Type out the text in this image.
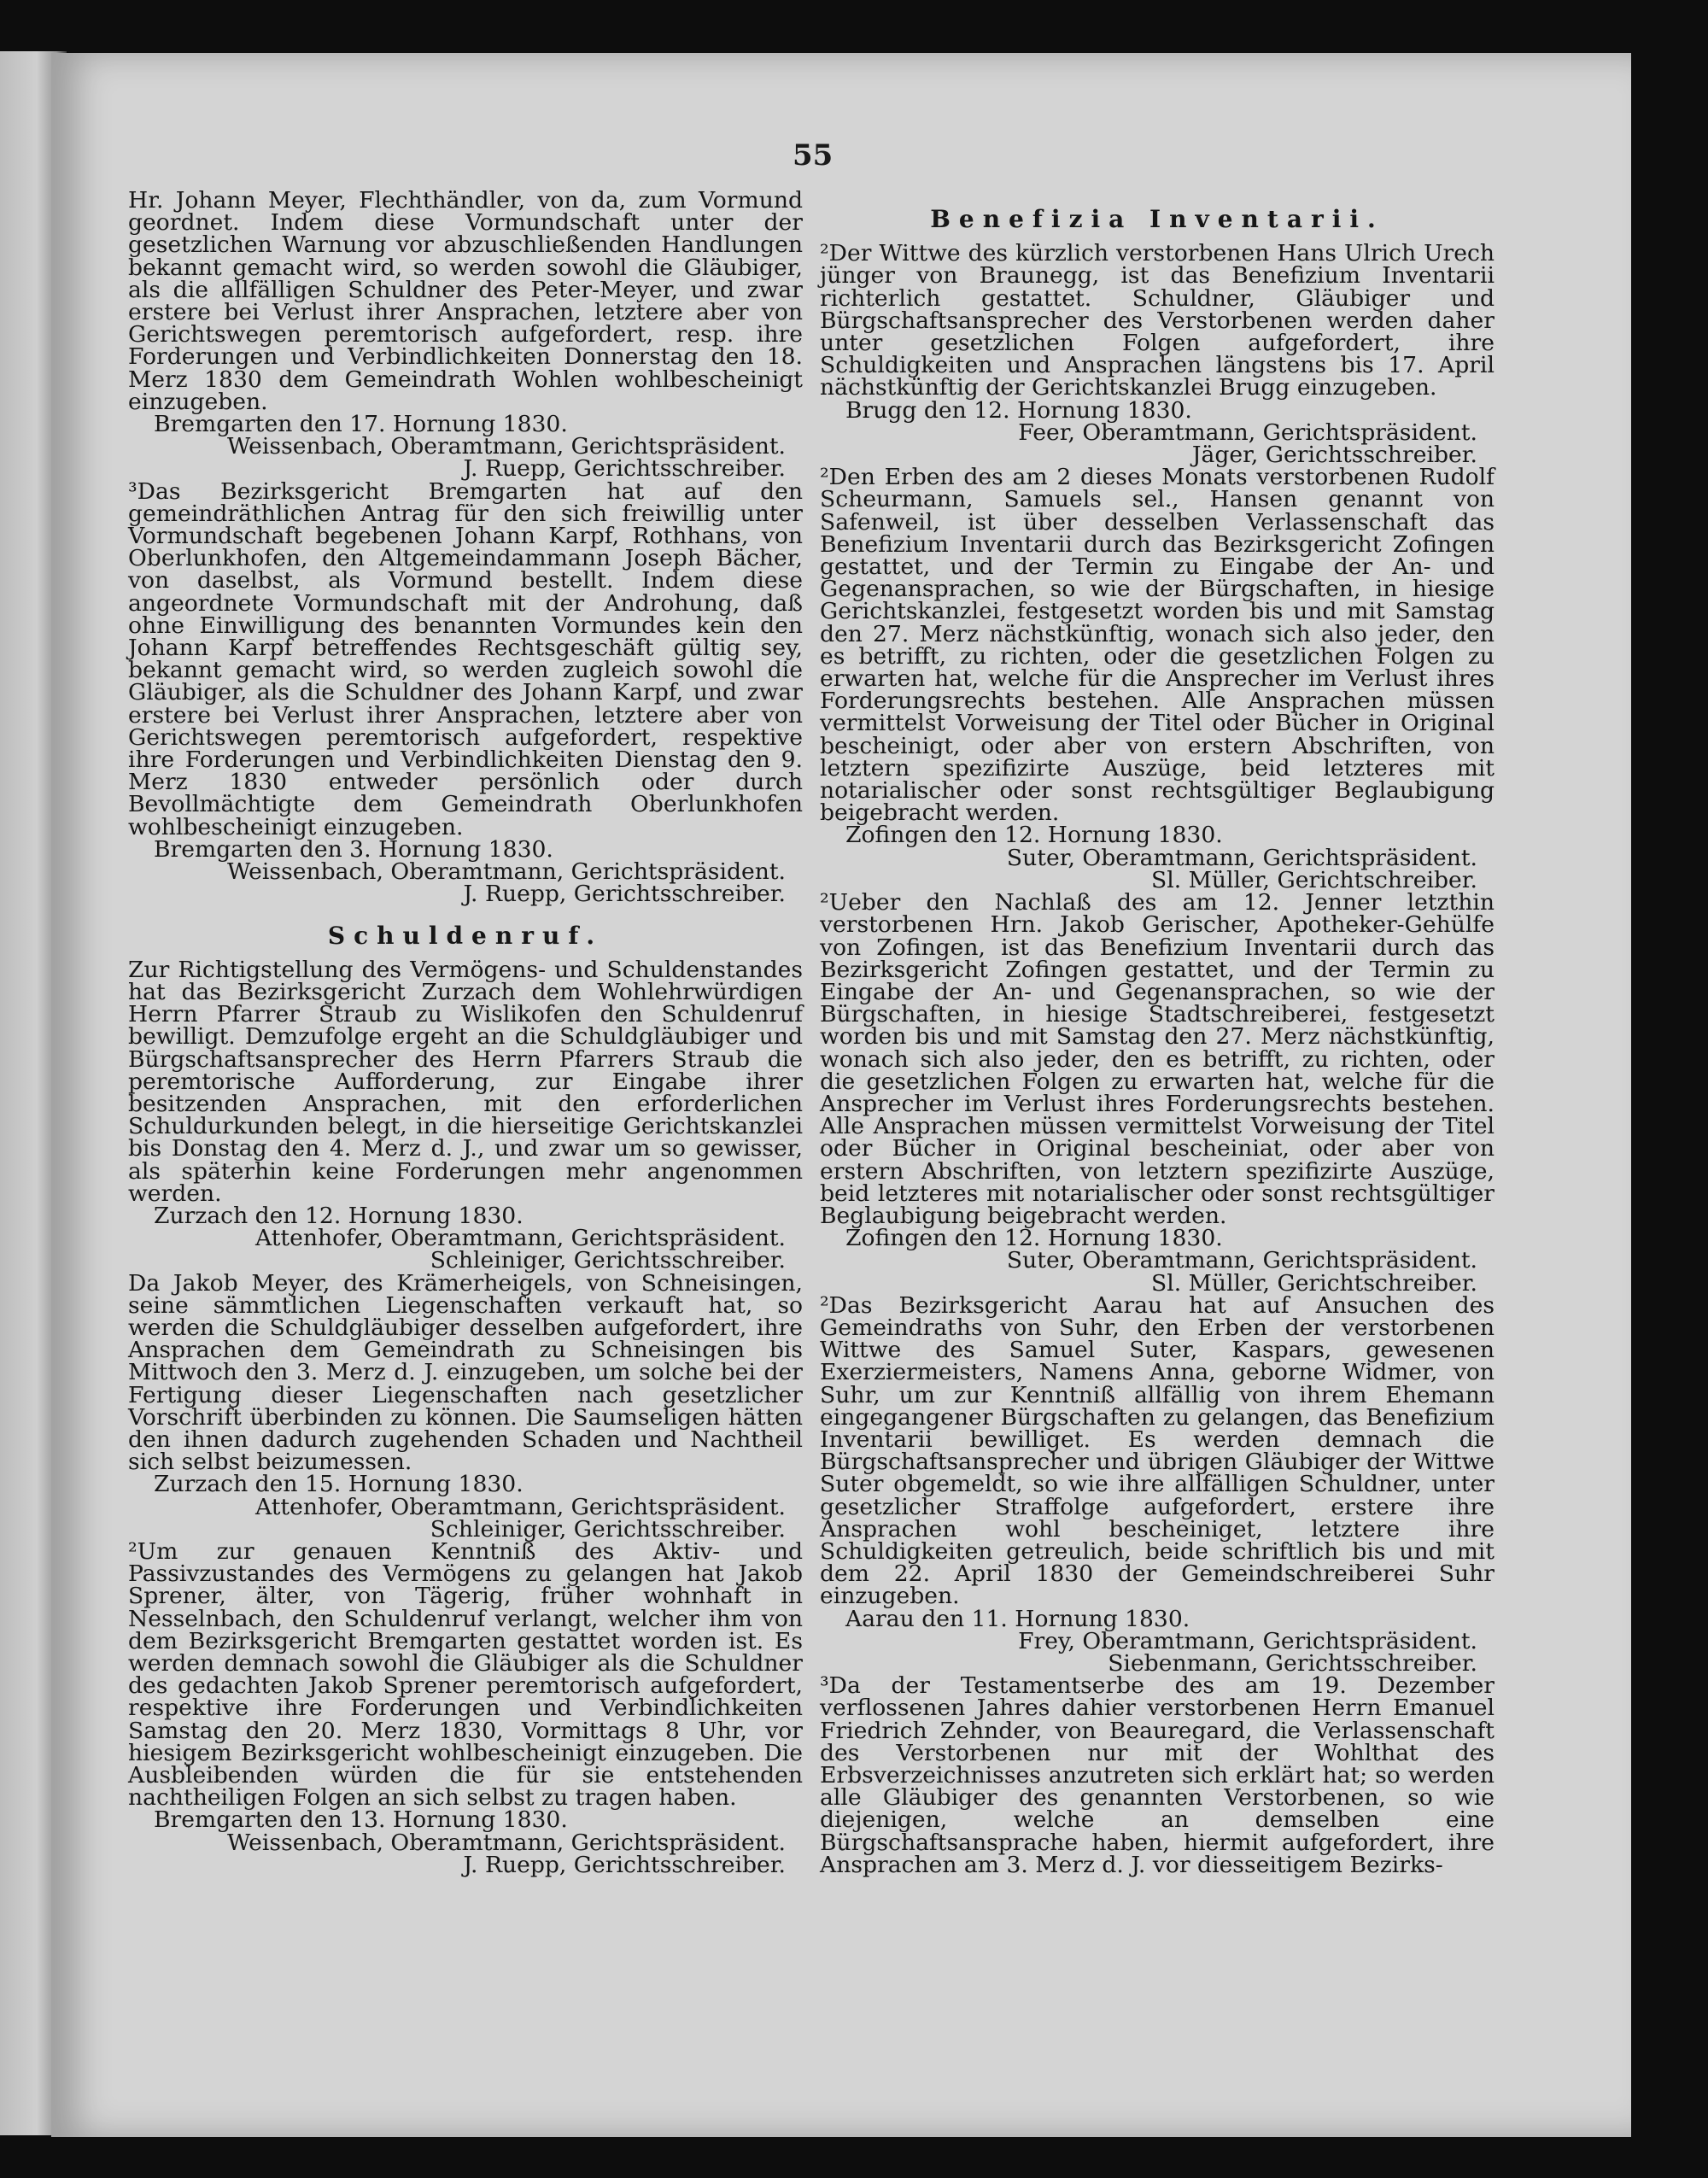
55
Hr. Johann Meyer, Flechthändler, von da, zum Vormund geordnet. Indem diese Vormundschaft unter der gesetzlichen Warnung vor abzuschließenden Handlungen bekannt gemacht wird, so werden sowohl die Gläubiger, als die allfälligen Schuldner des Peter-Meyer, und zwar erstere bei Verlust ihrer Ansprachen, letztere aber von Gerichtswegen peremtorisch aufgefordert, resp. ihre Forderungen und Verbindlichkeiten Donnerstag den 18. Merz 1830 dem Gemeindrath Wohlen wohlbescheinigt einzugeben.
Bremgarten den 17. Hornung 1830.
Weissenbach, Oberamtmann, Gerichtspräsident.
J. Ruepp, Gerichtsschreiber.
³Das Bezirksgericht Bremgarten hat auf den gemeindräthlichen Antrag für den sich freiwillig unter Vormundschaft begebenen Johann Karpf, Rothhans, von Oberlunkhofen, den Altgemeindammann Joseph Bächer, von daselbst, als Vormund bestellt. Indem diese angeordnete Vormundschaft mit der Androhung, daß ohne Einwilligung des benannten Vormundes kein den Johann Karpf betreffendes Rechtsgeschäft gültig sey, bekannt gemacht wird, so werden zugleich sowohl die Gläubiger, als die Schuldner des Johann Karpf, und zwar erstere bei Verlust ihrer Ansprachen, letztere aber von Gerichtswegen peremtorisch aufgefordert, respektive ihre Forderungen und Verbindlichkeiten Dienstag den 9. Merz 1830 entweder persönlich oder durch Bevollmächtigte dem Gemeindrath Oberlunkhofen wohlbescheinigt einzugeben.
Bremgarten den 3. Hornung 1830.
Weissenbach, Oberamtmann, Gerichtspräsident.
J. Ruepp, Gerichtsschreiber.
Schuldenruf.
Zur Richtigstellung des Vermögens- und Schuldenstandes hat das Bezirksgericht Zurzach dem Wohlehrwürdigen Herrn Pfarrer Straub zu Wislikofen den Schuldenruf bewilligt. Demzufolge ergeht an die Schuldgläubiger und Bürgschaftsansprecher des Herrn Pfarrers Straub die peremtorische Aufforderung, zur Eingabe ihrer besitzenden Ansprachen, mit den erforderlichen Schuldurkunden belegt, in die hierseitige Gerichtskanzlei bis Donstag den 4. Merz d. J., und zwar um so gewisser, als späterhin keine Forderungen mehr angenommen werden.
Zurzach den 12. Hornung 1830.
Attenhofer, Oberamtmann, Gerichtspräsident.
Schleiniger, Gerichtsschreiber.
Da Jakob Meyer, des Krämerheigels, von Schneisingen, seine sämmtlichen Liegenschaften verkauft hat, so werden die Schuldgläubiger desselben aufgefordert, ihre Ansprachen dem Gemeindrath zu Schneisingen bis Mittwoch den 3. Merz d. J. einzugeben, um solche bei der Fertigung dieser Liegenschaften nach gesetzlicher Vorschrift überbinden zu können. Die Saumseligen hätten den ihnen dadurch zugehenden Schaden und Nachtheil sich selbst beizumessen.
Zurzach den 15. Hornung 1830.
Attenhofer, Oberamtmann, Gerichtspräsident.
Schleiniger, Gerichtsschreiber.
²Um zur genauen Kenntniß des Aktiv- und Passivzustandes des Vermögens zu gelangen hat Jakob Sprener, älter, von Tägerig, früher wohnhaft in Nesselnbach, den Schuldenruf verlangt, welcher ihm von dem Bezirksgericht Bremgarten gestattet worden ist. Es werden demnach sowohl die Gläubiger als die Schuldner des gedachten Jakob Sprener peremtorisch aufgefordert, respektive ihre Forderungen und Verbindlichkeiten Samstag den 20. Merz 1830, Vormittags 8 Uhr, vor hiesigem Bezirksgericht wohlbescheinigt einzugeben. Die Ausbleibenden würden die für sie entstehenden nachtheiligen Folgen an sich selbst zu tragen haben.
Bremgarten den 13. Hornung 1830.
Weissenbach, Oberamtmann, Gerichtspräsident.
J. Ruepp, Gerichtsschreiber.
Benefizia Inventarii.
²Der Wittwe des kürzlich verstorbenen Hans Ulrich Urech jünger von Braunegg, ist das Benefizium Inventarii richterlich gestattet. Schuldner, Gläubiger und Bürgschaftsansprecher des Verstorbenen werden daher unter gesetzlichen Folgen aufgefordert, ihre Schuldigkeiten und Ansprachen längstens bis 17. April nächstkünftig der Gerichtskanzlei Brugg einzugeben.
Brugg den 12. Hornung 1830.
Feer, Oberamtmann, Gerichtspräsident.
Jäger, Gerichtsschreiber.
²Den Erben des am 2 dieses Monats verstorbenen Rudolf Scheurmann, Samuels sel., Hansen genannt von Safenweil, ist über desselben Verlassenschaft das Benefizium Inventarii durch das Bezirksgericht Zofingen gestattet, und der Termin zu Eingabe der An- und Gegenansprachen, so wie der Bürgschaften, in hiesige Gerichtskanzlei, festgesetzt worden bis und mit Samstag den 27. Merz nächstkünftig, wonach sich also jeder, den es betrifft, zu richten, oder die gesetzlichen Folgen zu erwarten hat, welche für die Ansprecher im Verlust ihres Forderungsrechts bestehen. Alle Ansprachen müssen vermittelst Vorweisung der Titel oder Bücher in Original bescheinigt, oder aber von erstern Abschriften, von letztern spezifizirte Auszüge, beid letzteres mit notarialischer oder sonst rechtsgültiger Beglaubigung beigebracht werden.
Zofingen den 12. Hornung 1830.
Suter, Oberamtmann, Gerichtspräsident.
Sl. Müller, Gerichtschreiber.
²Ueber den Nachlaß des am 12. Jenner letzthin verstorbenen Hrn. Jakob Gerischer, Apotheker-Gehülfe von Zofingen, ist das Benefizium Inventarii durch das Bezirksgericht Zofingen gestattet, und der Termin zu Eingabe der An- und Gegenansprachen, so wie der Bürgschaften, in hiesige Stadtschreiberei, festgesetzt worden bis und mit Samstag den 27. Merz nächstkünftig, wonach sich also jeder, den es betrifft, zu richten, oder die gesetzlichen Folgen zu erwarten hat, welche für die Ansprecher im Verlust ihres Forderungsrechts bestehen. Alle Ansprachen müssen vermittelst Vorweisung der Titel oder Bücher in Original bescheiniat, oder aber von erstern Abschriften, von letztern spezifizirte Auszüge, beid letzteres mit notarialischer oder sonst rechtsgültiger Beglaubigung beigebracht werden.
Zofingen den 12. Hornung 1830.
Suter, Oberamtmann, Gerichtspräsident.
Sl. Müller, Gerichtschreiber.
²Das Bezirksgericht Aarau hat auf Ansuchen des Gemeindraths von Suhr, den Erben der verstorbenen Wittwe des Samuel Suter, Kaspars, gewesenen Exerziermeisters, Namens Anna, geborne Widmer, von Suhr, um zur Kenntniß allfällig von ihrem Ehemann eingegangener Bürgschaften zu gelangen, das Benefizium Inventarii bewilliget. Es werden demnach die Bürgschaftsansprecher und übrigen Gläubiger der Wittwe Suter obgemeldt, so wie ihre allfälligen Schuldner, unter gesetzlicher Straffolge aufgefordert, erstere ihre Ansprachen wohl bescheiniget, letztere ihre Schuldigkeiten getreulich, beide schriftlich bis und mit dem 22. April 1830 der Gemeindschreiberei Suhr einzugeben.
Aarau den 11. Hornung 1830.
Frey, Oberamtmann, Gerichtspräsident.
Siebenmann, Gerichtsschreiber.
³Da der Testamentserbe des am 19. Dezember verflossenen Jahres dahier verstorbenen Herrn Emanuel Friedrich Zehnder, von Beauregard, die Verlassenschaft des Verstorbenen nur mit der Wohlthat des Erbsverzeichnisses anzutreten sich erklärt hat; so werden alle Gläubiger des genannten Verstorbenen, so wie diejenigen, welche an demselben eine Bürgschaftsansprache haben, hiermit aufgefordert, ihre Ansprachen am 3. Merz d. J. vor diesseitigem Bezirks-
